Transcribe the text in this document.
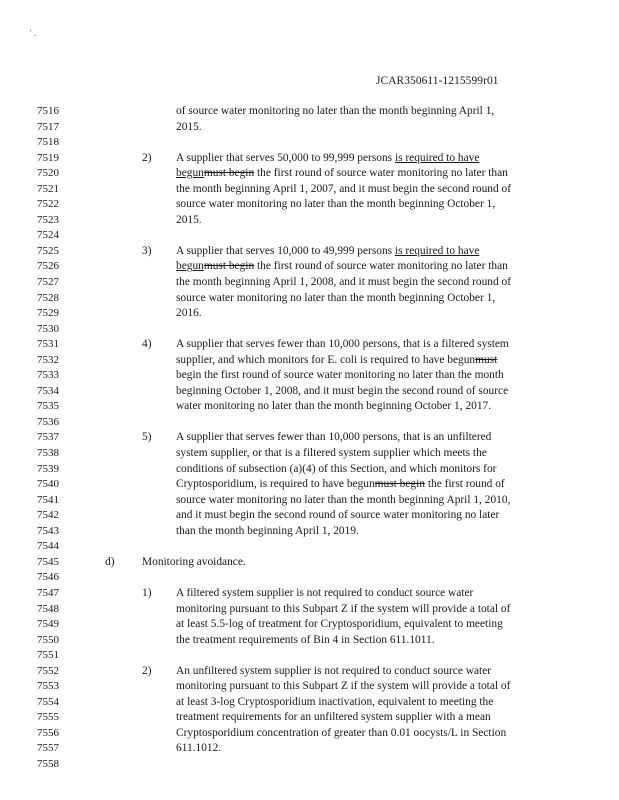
' .
JCAR350611-1215599r01
7516
7517
7518
7519
7520
7521
7522
7523
7524
7525
7526
7527
7528
7529
7530
7531
7532
7533
7534
7535
7536
7537
7538
7539
7540
7541
7542
7543
7544
7545
7546
7547
7548
7549
7550
7551
7552
7553
7554
7555
7556
7557
7558
of source water monitoring no later than the month beginning April 1,
2015.
2) A supplier that serves 50,000 to 99,999 persons is required to have
begunmust begin the first round of source water monitoring no later than
the month beginning April 1, 2007, and it must begin the second round of
source water monitoring no later than the month beginning October 1,
2015.
3) A supplier that serves 10,000 to 49,999 persons is required to have
begunmust begin the first round of source water monitoring no later than
the month beginning April 1, 2008, and it must begin the second round of
source water monitoring no later than the month beginning October 1,
2016.
4) A supplier that serves fewer than 10,000 persons, that is a filtered system
supplier, and which monitors for E. coli is required to have begunmust
begin the first round of source water monitoring no later than the month
beginning October 1, 2008, and it must begin the second round of source
water monitoring no later than the month beginning October 1, 2017.
5) A supplier that serves fewer than 10,000 persons, that is an unfiltered
system supplier, or that is a filtered system supplier which meets the
conditions of subsection (a)(4) of this Section, and which monitors for
Cryptosporidium, is required to have begunmust begin the first round of
source water monitoring no later than the month beginning April 1, 2010,
and it must begin the second round of source water monitoring no later
than the month beginning April 1, 2019.
d) Monitoring avoidance.
1) A filtered system supplier is not required to conduct source water
monitoring pursuant to this Subpart Z if the system will provide a total of
at least 5.5-log of treatment for Cryptosporidium, equivalent to meeting
the treatment requirements of Bin 4 in Section 611.1011.
2) An unfiltered system supplier is not required to conduct source water
monitoring pursuant to this Subpart Z if the system will provide a total of
at least 3-log Cryptosporidium inactivation, equivalent to meeting the
treatment requirements for an unfiltered system supplier with a mean
Cryptosporidium concentration of greater than 0.01 oocysts/L in Section
611.1012.
